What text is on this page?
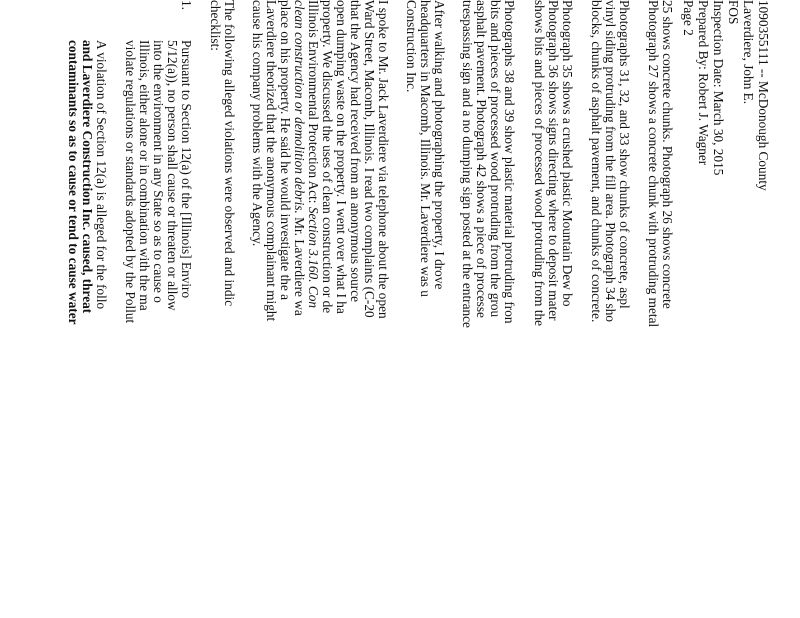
1090355111 -- McDonough County
Laverdiere, John E.
FOS
Inspection Date: March 30, 2015
Prepared By: Robert J. Wagner
Page 2
25 shows concrete chunks. Photograph 26 shows concrete
Photograph 27 shows a concrete chunk with protruding metal
Photographs 31, 32, and 33 show chunks of concrete, aspl
vinyl siding protruding from the fill area. Photograph 34 sho
blocks, chunks of asphalt pavement, and chunks of concrete.
Photograph 35 shows a crushed plastic Mountain Dew bo
Photograph 36 shows signs directing where to deposit mater
shows bits and pieces of processed wood protruding from the
Photographs 38 and 39 show plastic material protruding fron
bits and pieces of processed wood protruding from the grou
asphalt pavement. Photograph 42 shows a piece of processe
trespassing sign and a no dumping sign posted at the entrance
After walking and photographing the property, I drove
headquarters in Macomb, Illinois. Mr. Laverdiere was u
Construction Inc.
I spoke to Mr. Jack Laverdiere via telephone about the open
Ward Street, Macomb, Illinois. I read two complaints (C-20
that the Agency had received from an anonymous source
open dumping waste on the property. I went over what I ha
property. We discussed the uses of clean construction or de
Illinois Environmental Protection Act: Section 3.160. Con
clean construction or demolition debris. Mr. Laverdiere wa
place on his property. He said he would investigate the a
Laverdiere theorized that the anonymous complainant might
cause his company problems with the Agency.
The following alleged violations were observed and indic
checklist:
1.
Pursuant to Section 12(a) of the [Illinois] Enviro
5/12(a)), no person shall cause or threaten or allow
into the environment in any State so as to cause o
Illinois, either alone or in combination with the ma
violate regulations or standards adopted by the Pollut
A violation of Section 12(a) is alleged for the follo
and Laverdiere Construction Inc. caused, threat
contaminants so as to cause or tend to cause water
